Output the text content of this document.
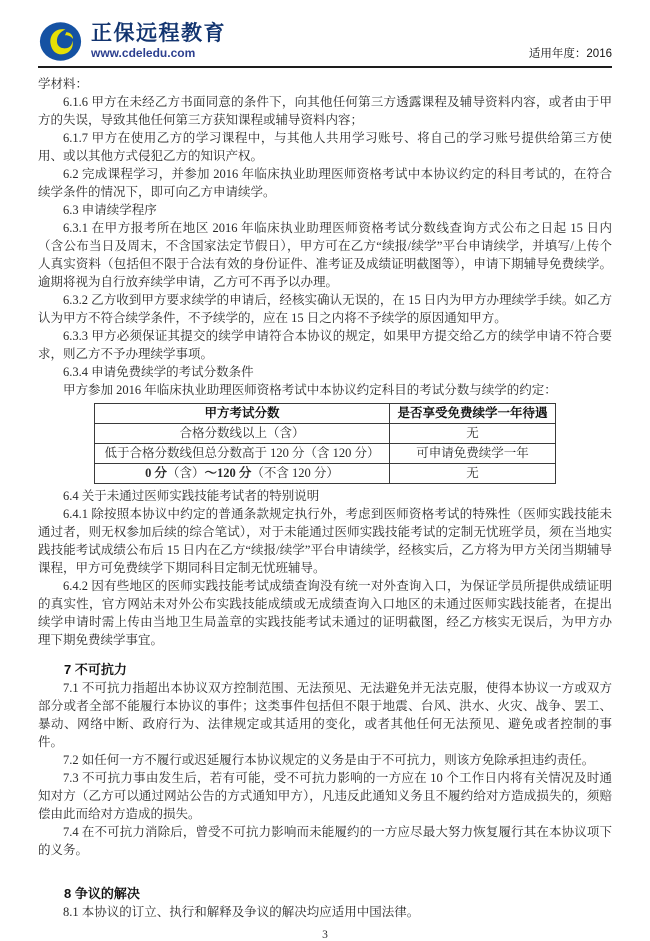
正保远程教育
www.cdeledu.com	适用年度：2016

学材料：

6.1.6 甲方在未经乙方书面同意的条件下，向其他任何第三方透露课程及辅导资料内容，或者由于甲方的失误，导致其他任何第三方获知课程或辅导资料内容；

6.1.7 甲方在使用乙方的学习课程中，与其他人共用学习账号、将自己的学习账号提供给第三方使用、或以其他方式侵犯乙方的知识产权。

6.2 完成课程学习，并参加 2016 年临床执业助理医师资格考试中本协议约定的科目考试的，在符合续学条件的情况下，即可向乙方申请续学。

6.3 申请续学程序

6.3.1 在甲方报考所在地区 2016 年临床执业助理医师资格考试分数线查询方式公布之日起 15 日内（含公布当日及周末，不含国家法定节假日），甲方可在乙方“续报/续学”平台申请续学，并填写/上传个人真实资料（包括但不限于合法有效的身份证件、准考证及成绩证明截图等），申请下期辅导免费续学。逾期将视为自行放弃续学申请，乙方可不再予以办理。

6.3.2 乙方收到甲方要求续学的申请后，经核实确认无误的，在 15 日内为甲方办理续学手续。如乙方认为甲方不符合续学条件，不予续学的，应在 15 日之内将不予续学的原因通知甲方。

6.3.3 甲方必须保证其提交的续学申请符合本协议的规定，如果甲方提交给乙方的续学申请不符合要求，则乙方不予办理续学事项。

6.3.4 申请免费续学的考试分数条件

甲方参加 2016 年临床执业助理医师资格考试中本协议约定科目的考试分数与续学的约定：

甲方考试分数	是否享受免费续学一年待遇
合格分数线以上（含）	无
低于合格分数线但总分数高于 120 分（含 120 分）	可申请免费续学一年
0 分（含）～120 分（不含 120 分）	无

6.4 关于未通过医师实践技能考试者的特别说明

6.4.1 除按照本协议中约定的普通条款规定执行外，考虑到医师资格考试的特殊性（医师实践技能未通过者，则无权参加后续的综合笔试），对于未能通过医师实践技能考试的定制无忧班学员，须在当地实践技能考试成绩公布后 15 日内在乙方“续报/续学”平台申请续学，经核实后，乙方将为甲方关闭当期辅导课程，甲方可免费续学下期同科目定制无忧班辅导。

6.4.2 因有些地区的医师实践技能考试成绩查询没有统一对外查询入口，为保证学员所提供成绩证明的真实性，官方网站未对外公布实践技能成绩或无成绩查询入口地区的未通过医师实践技能者，在提出续学申请时需上传由当地卫生局盖章的实践技能考试未通过的证明截图，经乙方核实无误后，为甲方办理下期免费续学事宜。

7 不可抗力

7.1 不可抗力指超出本协议双方控制范围、无法预见、无法避免并无法克服，使得本协议一方或双方部分或者全部不能履行本协议的事件；这类事件包括但不限于地震、台风、洪水、火灾、战争、罢工、暴动、网络中断、政府行为、法律规定或其适用的变化，或者其他任何无法预见、避免或者控制的事件。

7.2 如任何一方不履行或迟延履行本协议规定的义务是由于不可抗力，则该方免除承担违约责任。

7.3 不可抗力事由发生后，若有可能，受不可抗力影响的一方应在 10 个工作日内将有关情况及时通知对方（乙方可以通过网站公告的方式通知甲方），凡违反此通知义务且不履约给对方造成损失的，须赔偿由此而给对方造成的损失。

7.4 在不可抗力消除后，曾受不可抗力影响而未能履约的一方应尽最大努力恢复履行其在本协议项下的义务。

8 争议的解决

8.1 本协议的订立、执行和解释及争议的解决均应适用中国法律。

3
